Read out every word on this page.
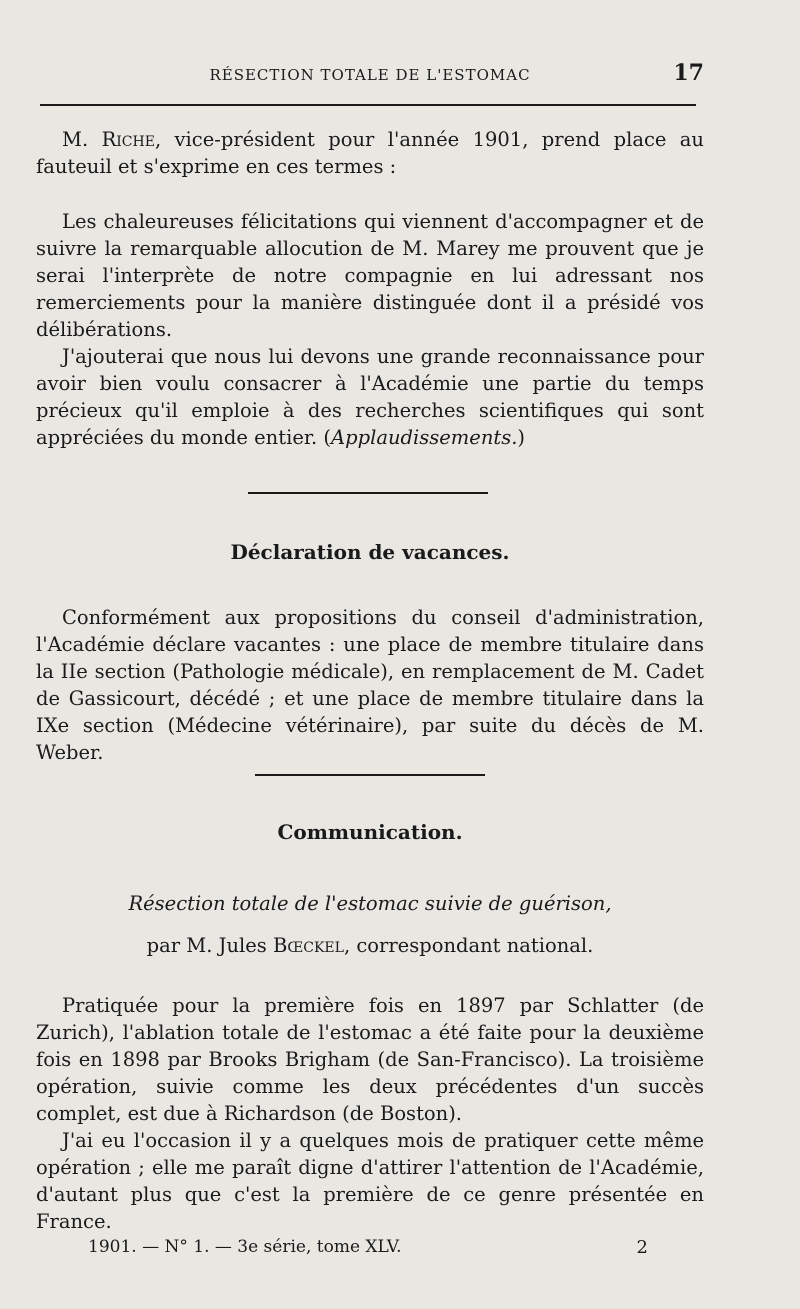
RÉSECTION TOTALE DE L'ESTOMAC	17

M. Riche, vice-président pour l'année 1901, prend place au fauteuil et s'exprime en ces termes :

Les chaleureuses félicitations qui viennent d'accompagner et de suivre la remarquable allocution de M. Marey me prouvent que je serai l'interprète de notre compagnie en lui adressant nos remerciements pour la manière distinguée dont il a présidé vos délibérations.

J'ajouterai que nous lui devons une grande reconnaissance pour avoir bien voulu consacrer à l'Académie une partie du temps précieux qu'il emploie à des recherches scientifiques qui sont appréciées du monde entier. (Applaudissements.)

Déclaration de vacances.

Conformément aux propositions du conseil d'administration, l'Académie déclare vacantes : une place de membre titulaire dans la IIe section (Pathologie médicale), en remplacement de M. Cadet de Gassicourt, décédé ; et une place de membre titulaire dans la IXe section (Médecine vétérinaire), par suite du décès de M. Weber.

Communication.
Résection totale de l'estomac suivie de guérison,
par M. Jules Bœckel, correspondant national.

Pratiquée pour la première fois en 1897 par Schlatter (de Zurich), l'ablation totale de l'estomac a été faite pour la deuxième fois en 1898 par Brooks Brigham (de San-Francisco). La troisième opération, suivie comme les deux précédentes d'un succès complet, est due à Richardson (de Boston).

J'ai eu l'occasion il y a quelques mois de pratiquer cette même opération ; elle me paraît digne d'attirer l'attention de l'Académie, d'autant plus que c'est la première de ce genre présentée en France.

1901. — N° 1. — 3e série, tome XLV.	2
